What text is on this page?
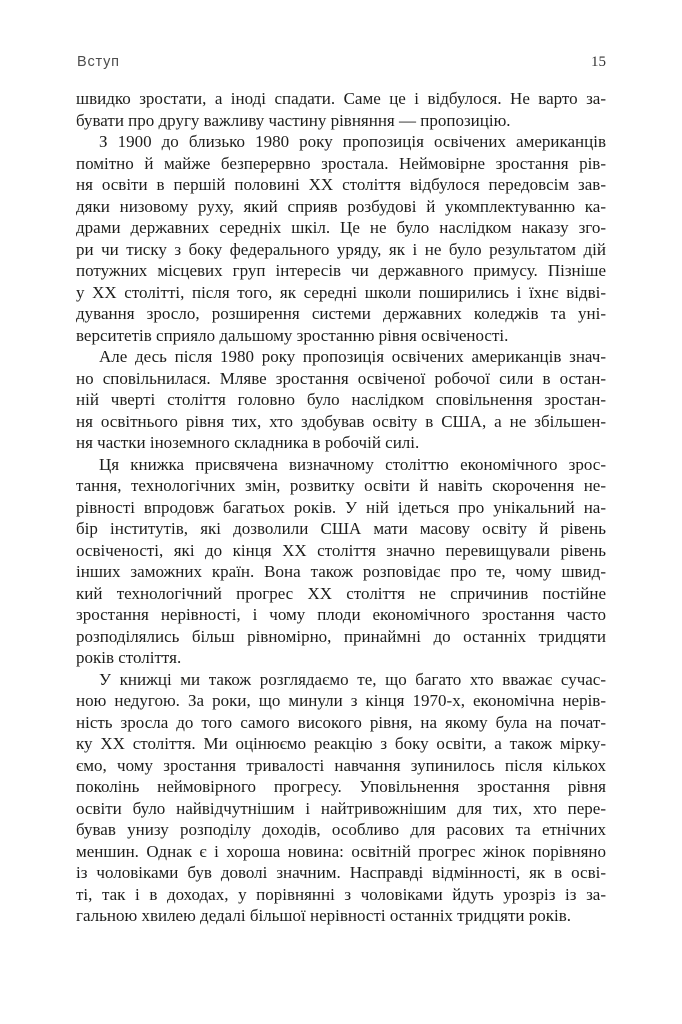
Вступ	15
швидко зростати, а іноді спадати. Саме це і відбулося. Не варто за-
бувати про другу важливу частину рівняння — пропозицію.
З 1900 до близько 1980 року пропозиція освічених американців
помітно й майже безперервно зростала. Неймовірне зростання рів-
ня освіти в першій половині XX століття відбулося передовсім зав-
дяки низовому руху, який сприяв розбудові й укомплектуванню ка-
драми державних середніх шкіл. Це не було наслідком наказу зго-
ри чи тиску з боку федерального уряду, як і не було результатом дій
потужних місцевих груп інтересів чи державного примусу. Пізніше
у XX столітті, після того, як середні школи поширились і їхнє відві-
дування зросло, розширення системи державних коледжів та уні-
верситетів сприяло дальшому зростанню рівня освіченості.
Але десь після 1980 року пропозиція освічених американців знач-
но сповільнилася. Мляве зростання освіченої робочої сили в остан-
ній чверті століття головно було наслідком сповільнення зростан-
ня освітнього рівня тих, хто здобував освіту в США, а не збільшен-
ня частки іноземного складника в робочій силі.
Ця книжка присвячена визначному століттю економічного зрос-
тання, технологічних змін, розвитку освіти й навіть скорочення не-
рівності впродовж багатьох років. У ній ідеться про унікальний на-
бір інститутів, які дозволили США мати масову освіту й рівень
освіченості, які до кінця XX століття значно перевищували рівень
інших заможних країн. Вона також розповідає про те, чому швид-
кий технологічний прогрес XX століття не спричинив постійне
зростання нерівності, і чому плоди економічного зростання часто
розподілялись більш рівномірно, принаймні до останніх тридцяти
років століття.
У книжці ми також розглядаємо те, що багато хто вважає сучас-
ною недугою. За роки, що минули з кінця 1970-х, економічна нерів-
ність зросла до того самого високого рівня, на якому була на почат-
ку XX століття. Ми оцінюємо реакцію з боку освіти, а також мірку-
ємо, чому зростання тривалості навчання зупинилось після кількох
поколінь неймовірного прогресу. Уповільнення зростання рівня
освіти було найвідчутнішим і найтривожнішим для тих, хто пере-
бував унизу розподілу доходів, особливо для расових та етнічних
меншин. Однак є і хороша новина: освітній прогрес жінок порівняно
із чоловіками був доволі значним. Насправді відмінності, як в осві-
ті, так і в доходах, у порівнянні з чоловіками йдуть урозріз із за-
гальною хвилею дедалі більшої нерівності останніх тридцяти років.
